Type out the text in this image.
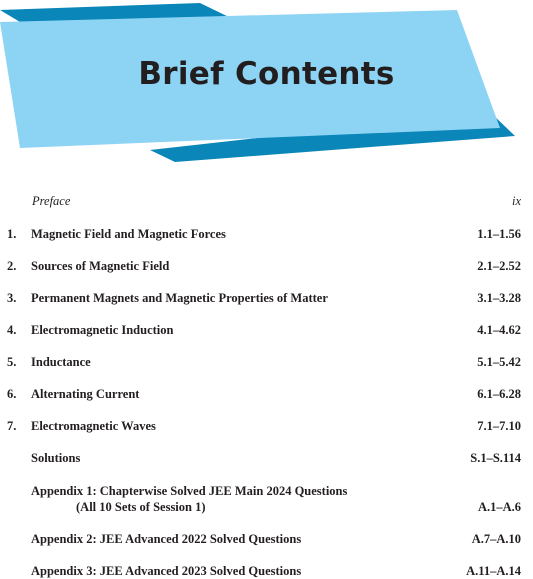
Brief Contents
Preface	ix
1. Magnetic Field and Magnetic Forces	1.1–1.56
2. Sources of Magnetic Field	2.1–2.52
3. Permanent Magnets and Magnetic Properties of Matter	3.1–3.28
4. Electromagnetic Induction	4.1–4.62
5. Inductance	5.1–5.42
6. Alternating Current	6.1–6.28
7. Electromagnetic Waves	7.1–7.10
Solutions	S.1–S.114
Appendix 1: Chapterwise Solved JEE Main 2024 Questions
(All 10 Sets of Session 1)	A.1–A.6
Appendix 2: JEE Advanced 2022 Solved Questions	A.7–A.10
Appendix 3: JEE Advanced 2023 Solved Questions	A.11–A.14
